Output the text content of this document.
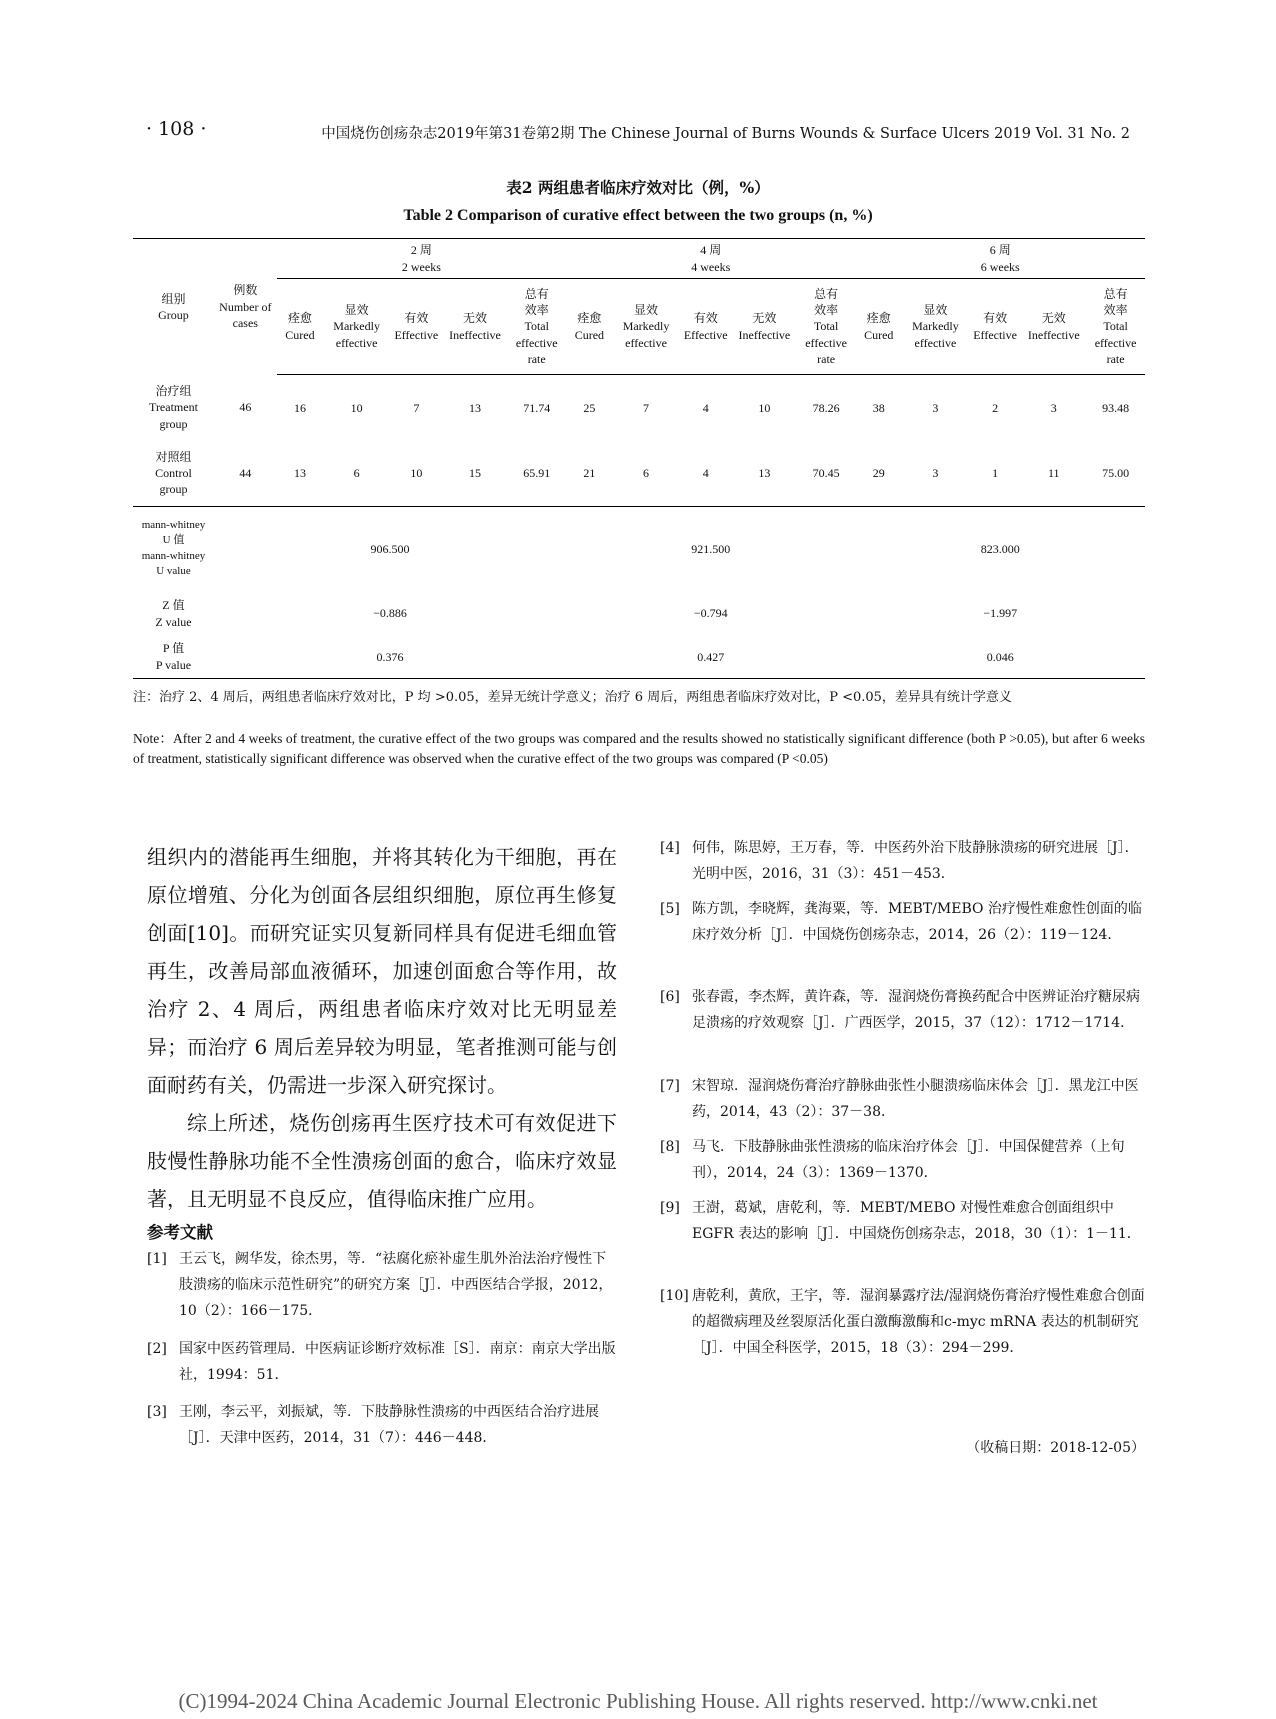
· 108 ·	中国烧伤创疡杂志2019年第31卷第2期 The Chinese Journal of Burns Wounds & Surface Ulcers 2019 Vol. 31 No. 2
表2 两组患者临床疗效对比（例，%）
Table 2 Comparison of curative effect between the two groups (n, %)
组别
Group	例数
Number of
cases	2 周
2 weeks					4 周
4 weeks					6 周
6 weeks				
		痊愈
Cured	显效
Markedly
effective	有效
Effective	无效
Ineffective	总有
效率
Total
effective
rate	痊愈
Cured	显效
Markedly
effective	有效
Effective	无效
Ineffective	总有
效率
Total
effective
rate	痊愈
Cured	显效
Markedly
effective	有效
Effective	无效
Ineffective	总有
效率
Total
effective
rate
治疗组
Treatment
group	46	16	10	7	13	71.74	25	7	4	10	78.26	38	3	2	3	93.48
对照组
Control
group	44	13	6	10	15	65.91	21	6	4	13	70.45	29	3	1	11	75.00
mann-whitney
U 值
mann-whitney
U value	906.500						921.500					823.000				
Z 值
Z value	−0.886						−0.794					−1.997				
P 值
P value	0.376						0.427					0.046				
注：治疗 2、4 周后，两组患者临床疗效对比，P 均 >0.05，差异无统计学意义；治疗 6 周后，两组患者临床疗效对比，P <0.05，差异具有统计学意义
Note：After 2 and 4 weeks of treatment, the curative effect of the two groups was compared and the results showed no statistically significant difference (both P >0.05), but after 6 weeks of treatment, statistically significant difference was observed when the curative effect of the two groups was compared (P <0.05)

组织内的潜能再生细胞，并将其转化为干细胞，再在原位增殖、分化为创面各层组织细胞，原位再生修复创面[10]。而研究证实贝复新同样具有促进毛细血管再生，改善局部血液循环，加速创面愈合等作用，故治疗 2、4 周后，两组患者临床疗效对比无明显差异；而治疗 6 周后差异较为明显，笔者推测可能与创面耐药有关，仍需进一步深入研究探讨。

综上所述，烧伤创疡再生医疗技术可有效促进下肢慢性静脉功能不全性溃疡创面的愈合，临床疗效显著，且无明显不良反应，值得临床推广应用。

参考文献
[1] 王云飞，阙华发，徐杰男，等．“祛腐化瘀补虚生肌外治法治疗慢性下肢溃疡的临床示范性研究”的研究方案［J］．中西医结合学报，2012，10（2）：166－175．
[2] 国家中医药管理局．中医病证诊断疗效标准［S］．南京：南京大学出版社，1994：51．
[3] 王刚，李云平，刘振斌，等．下肢静脉性溃疡的中西医结合治疗进展［J］．天津中医药，2014，31（7）：446－448．
[4] 何伟，陈思婷，王万春，等．中医药外治下肢静脉溃疡的研究进展［J］．光明中医，2016，31（3）：451－453．
[5] 陈方凯，李晓辉，龚海粟，等．MEBT/MEBO 治疗慢性难愈性创面的临床疗效分析［J］．中国烧伤创疡杂志，2014，26（2）：119－124．
[6] 张春霞，李杰辉，黄许森，等．湿润烧伤膏换药配合中医辨证治疗糖尿病足溃疡的疗效观察［J］．广西医学，2015，37（12）：1712－1714．
[7] 宋智琼．湿润烧伤膏治疗静脉曲张性小腿溃疡临床体会［J］．黑龙江中医药，2014，43（2）：37－38．
[8] 马飞．下肢静脉曲张性溃疡的临床治疗体会［J］．中国保健营养（上旬刊），2014，24（3）：1369－1370．
[9] 王澍，葛斌，唐乾利，等．MEBT/MEBO 对慢性难愈合创面组织中 EGFR 表达的影响［J］．中国烧伤创疡杂志，2018，30（1）：1－11．
[10] 唐乾利，黄欣，王宇，等．湿润暴露疗法/湿润烧伤膏治疗慢性难愈合创面的超微病理及丝裂原活化蛋白激酶激酶和c-myc mRNA 表达的机制研究［J］．中国全科医学，2015，18（3）：294－299．
（收稿日期：2018-12-05）
(C)1994-2024 China Academic Journal Electronic Publishing House. All rights reserved. http://www.cnki.net
